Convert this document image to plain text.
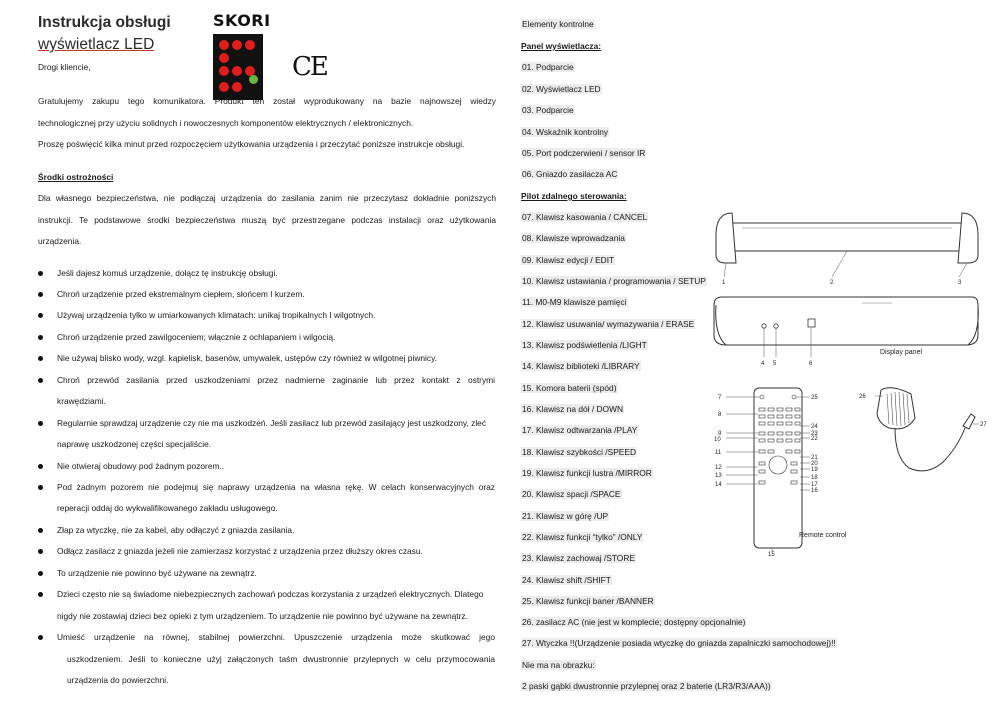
Instrukcja obsługi
wyświetlacz LED
SKORI
CE
Drogi kliencie,
Gratulujemy zakupu tego komunikatora. Produkt ten został wyprodukowany na bazie najnowszej wiedzy
technologicznej przy użyciu solidnych i nowoczesnych komponentów elektrycznych / elektronicznych.
Proszę poświęcić kilka minut przed rozpoczęciem użytkowania urządzenia i przeczytać poniższe instrukcje obsługi.
Środki ostrożności
Dla własnego bezpieczeństwa, nie podłączaj urządzenia do zasilania zanim nie przeczytasz dokładnie poniższych
instrukcji. Te podstawowe środki bezpieczeństwa muszą być przestrzegane podczas instalacji oraz użytkowania
urządzenia.
Jeśli dajesz komuś urządzenie, dołącz tę instrukcję obsługi.
Chroń urządzenie przed ekstremalnym ciepłem, słońcem I kurzem.
Używaj urządzenia tylko w umiarkowanych klimatach: unikaj tropikalnych I wilgotnych.
Chroń urządzenie przed zawilgoceniem; włącznie z ochlapaniem i wilgocią.
Nie używaj blisko wody, wzgl. kąpielisk, basenów, umywalek, ustępów czy również w wilgotnej piwnicy.
Chroń przewód zasilania przed uszkodzeniami przez nadmierne zaginanie lub przez kontakt z ostrymi
krawędziami.
Regularnie sprawdzaj urządzenie czy nie ma uszkodzeń. Jeśli zasilacz lub przewód zasilający jest uszkodzony, zleć
naprawę uszkodzonej części specjaliście.
Nie otwieraj obudowy pod żadnym pozorem..
Pod żadnym pozorem nie podejmuj się naprawy urządzenia na własna rękę. W celach konserwacyjnych oraz
reperacji oddaj do wykwalifikowanego zakładu usługowego.
Złap za wtyczkę, nie za kabel, aby odłączyć z gniazda zasilania.
Odłącz zasilacz z gniazda jeżeli nie zamierzasz korzystać z urządzenia przez dłuższy okres czasu.
To urządzenie nie powinno być używane na zewnątrz.
Dzieci często nie są świadome niebezpiecznych zachowań podczas korzystania z urządzeń elektrycznych. Dlatego
nigdy nie zostawiaj dzieci bez opieki z tym urządzeniem. To urządzenie nie powinno być używane na zewnątrz.
Umieść urządzenie na równej, stabilnej powierzchni. Upuszczenie urządzenia może skutkować jego
uszkodzeniem. Jeśli to konieczne użyj załączonych taśm dwustronnie przylepnych w celu przymocowania
urządzenia do powierzchni.
Elementy kontrolne
Panel wyświetlacza:
01. Podparcie
02. Wyświetlacz LED
03. Podparcie
04. Wskaźnik kontrolny
05. Port podczerwieni / sensor IR
06. Gniazdo zasilacza AC
Pilot zdalnego sterowania:
07. Klawisz kasowania / CANCEL
08. Klawisze wprowadzania
09. Klawisz edycji / EDIT
10. Klawisz ustawiania / programowania / SETUP
11. M0-M9 klawisze pamięci
12. Klawisz usuwania/ wymazywania / ERASE
13. Klawisz podświetlenia /LIGHT
14. Klawisz biblioteki /LIBRARY
15. Komora baterii (spód)
16. Klawisz na dół / DOWN
17. Klawisz odtwarzania /PLAY
18. Klawisz szybkości /SPEED
19. Klawisz funkcji lustra /MIRROR
20. Klawisz spacji /SPACE
21. Klawisz w górę /UP
22. Klawisz funkcji “tylko” /ONLY
23. Klawisz zachowaj /STORE
24. Klawisz shift /SHIFT
25. Klawisz funkcji baner /BANNER
26. zasilacz AC (nie jest w komplecie; dostępny opcjonalnie)
27. Wtyczka !!(Urządzenie posiada wtyczkę do gniazda zapalniczki samochodowej)!!
Nie ma na obrazku:
2 paski gąbki dwustronnie przylepnej oraz 2 baterie (LR3/R3/AAA))
1	2	3
4 5	6
Display panel
7
8
9
10
11
12
13
14
15
25
24
23
22
21
20
19
18
17
16
Remote control
26
27
